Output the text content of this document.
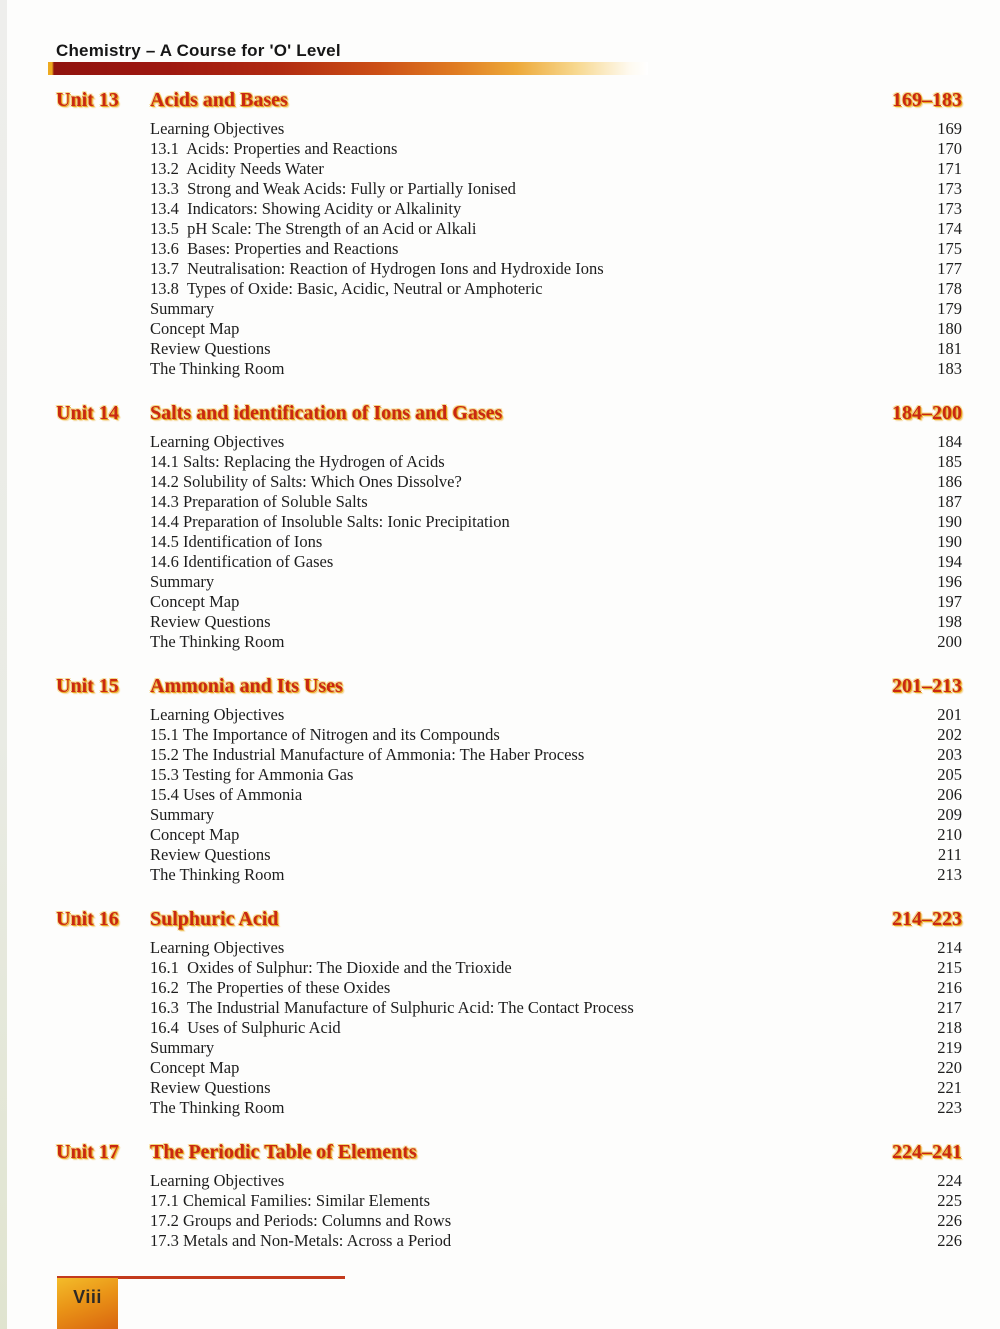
Chemistry – A Course for 'O' Level
Unit 13	Acids and Bases	169–183
Learning Objectives	169
13.1  Acids: Properties and Reactions	170
13.2  Acidity Needs Water	171
13.3  Strong and Weak Acids: Fully or Partially Ionised	173
13.4  Indicators: Showing Acidity or Alkalinity	173
13.5  pH Scale: The Strength of an Acid or Alkali	174
13.6  Bases: Properties and Reactions	175
13.7  Neutralisation: Reaction of Hydrogen Ions and Hydroxide Ions	177
13.8  Types of Oxide: Basic, Acidic, Neutral or Amphoteric	178
Summary	179
Concept Map	180
Review Questions	181
The Thinking Room	183
Unit 14	Salts and identification of Ions and Gases	184–200
Learning Objectives	184
14.1 Salts: Replacing the Hydrogen of Acids	185
14.2 Solubility of Salts: Which Ones Dissolve?	186
14.3 Preparation of Soluble Salts	187
14.4 Preparation of Insoluble Salts: Ionic Precipitation	190
14.5 Identification of Ions	190
14.6 Identification of Gases	194
Summary	196
Concept Map	197
Review Questions	198
The Thinking Room	200
Unit 15	Ammonia and Its Uses	201–213
Learning Objectives	201
15.1 The Importance of Nitrogen and its Compounds	202
15.2 The Industrial Manufacture of Ammonia: The Haber Process	203
15.3 Testing for Ammonia Gas	205
15.4 Uses of Ammonia	206
Summary	209
Concept Map	210
Review Questions	211
The Thinking Room	213
Unit 16	Sulphuric Acid	214–223
Learning Objectives	214
16.1  Oxides of Sulphur: The Dioxide and the Trioxide	215
16.2  The Properties of these Oxides	216
16.3  The Industrial Manufacture of Sulphuric Acid: The Contact Process	217
16.4  Uses of Sulphuric Acid	218
Summary	219
Concept Map	220
Review Questions	221
The Thinking Room	223
Unit 17	The Periodic Table of Elements	224–241
Learning Objectives	224
17.1 Chemical Families: Similar Elements	225
17.2 Groups and Periods: Columns and Rows	226
17.3 Metals and Non-Metals: Across a Period	226
Viii
